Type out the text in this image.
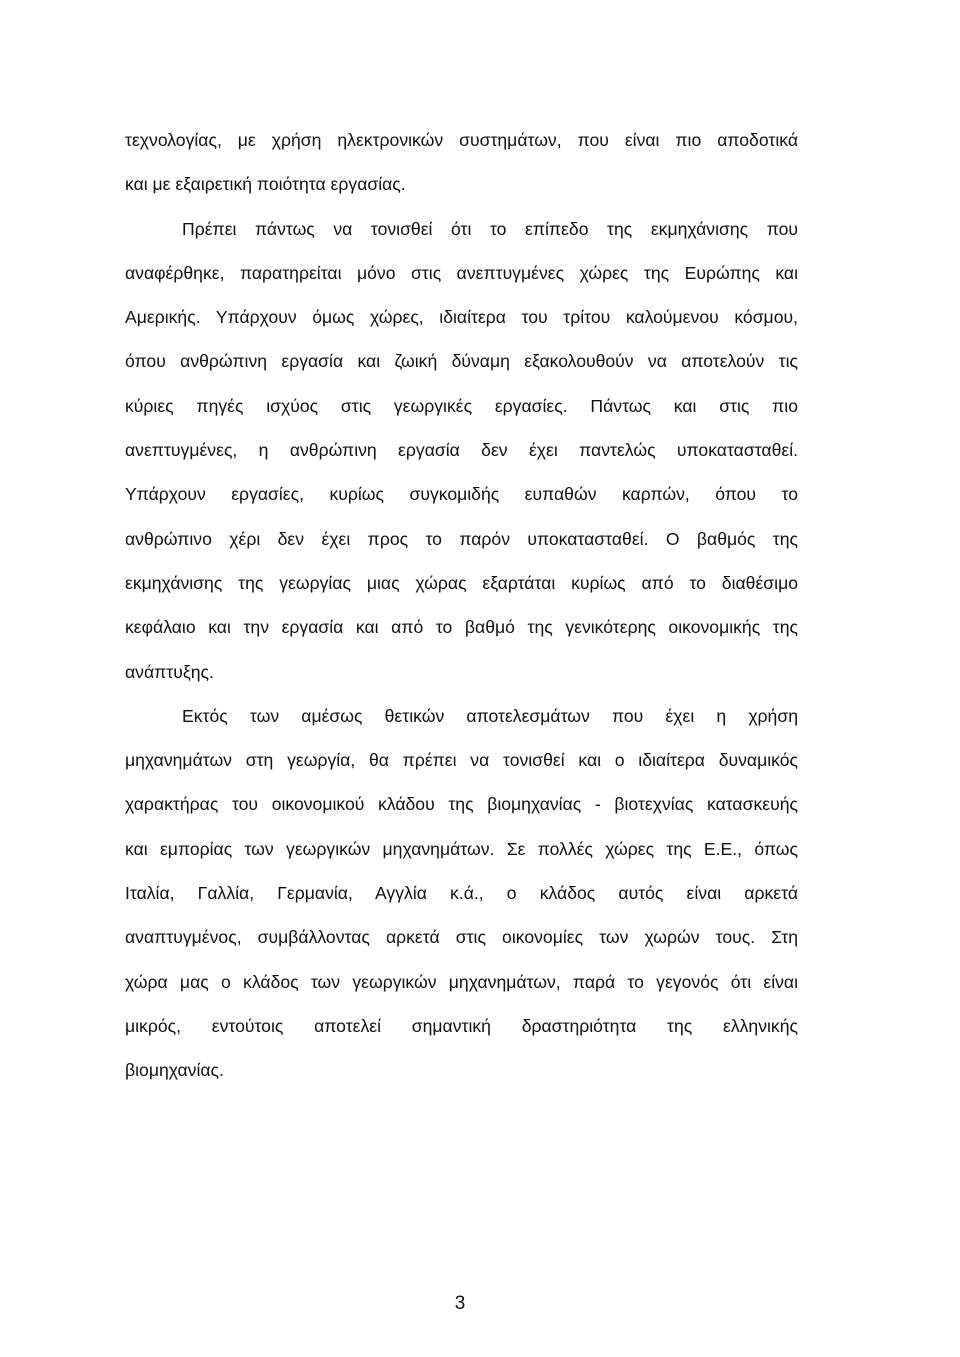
τεχνολογίας, με χρήση ηλεκτρονικών συστημάτων, που είναι πιο αποδοτικά
και με εξαιρετική ποιότητα εργασίας.
Πρέπει πάντως να τονισθεί ότι το επίπεδο της εκμηχάνισης που
αναφέρθηκε, παρατηρείται μόνο στις ανεπτυγμένες χώρες της Ευρώπης και
Αμερικής. Υπάρχουν όμως χώρες, ιδιαίτερα του τρίτου καλούμενου κόσμου,
όπου ανθρώπινη εργασία και ζωική δύναμη εξακολουθούν να αποτελούν τις
κύριες πηγές ισχύος στις γεωργικές εργασίες. Πάντως και στις πιο
ανεπτυγμένες, η ανθρώπινη εργασία δεν έχει παντελώς υποκατασταθεί.
Υπάρχουν εργασίες, κυρίως συγκομιδής ευπαθών καρπών, όπου το
ανθρώπινο χέρι δεν έχει προς το παρόν υποκατασταθεί. Ο βαθμός της
εκμηχάνισης της γεωργίας μιας χώρας εξαρτάται κυρίως από το διαθέσιμο
κεφάλαιο και την εργασία και από το βαθμό της γενικότερης οικονομικής της
ανάπτυξης.
Εκτός των αμέσως θετικών αποτελεσμάτων που έχει η χρήση
μηχανημάτων στη γεωργία, θα πρέπει να τονισθεί και ο ιδιαίτερα δυναμικός
χαρακτήρας του οικονομικού κλάδου της βιομηχανίας - βιοτεχνίας κατασκευής
και εμπορίας των γεωργικών μηχανημάτων. Σε πολλές χώρες της Ε.Ε., όπως
Ιταλία, Γαλλία, Γερμανία, Αγγλία κ.ά., ο κλάδος αυτός είναι αρκετά
αναπτυγμένος, συμβάλλοντας αρκετά στις οικονομίες των χωρών τους. Στη
χώρα μας ο κλάδος των γεωργικών μηχανημάτων, παρά το γεγονός ότι είναι
μικρός, εντούτοις αποτελεί σημαντική δραστηριότητα της ελληνικής
βιομηχανίας.
3
